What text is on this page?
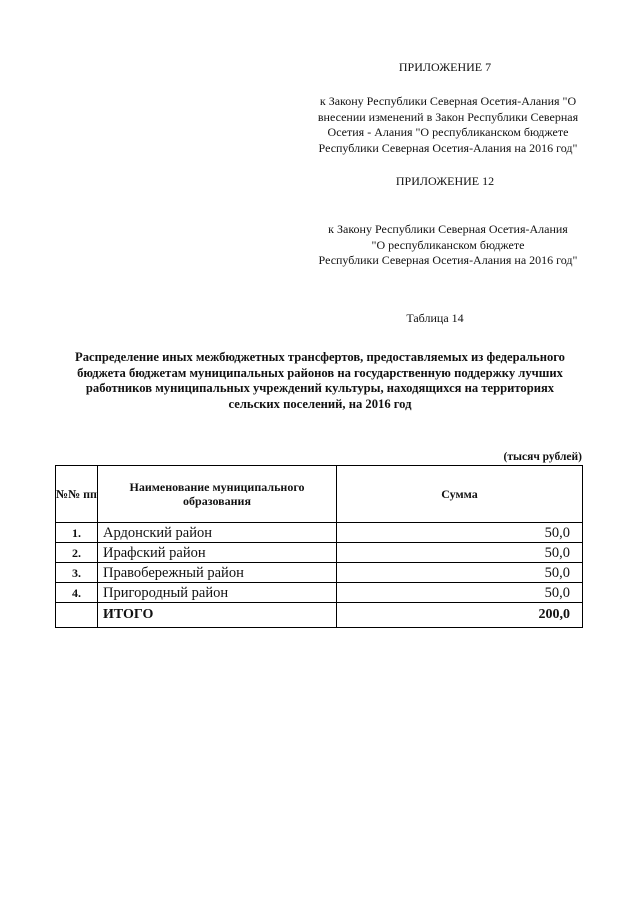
ПРИЛОЖЕНИЕ 7
к Закону Республики Северная Осетия-Алания "О
внесении изменений в Закон Республики Северная
Осетия - Алания "О республиканском бюджете
Республики Северная Осетия-Алания на 2016 год"
ПРИЛОЖЕНИЕ 12
к Закону Республики Северная Осетия-Алания
"О республиканском бюджете
Республики Северная Осетия-Алания на 2016 год"
Таблица 14
Распределение иных межбюджетных трансфертов, предоставляемых из федерального
бюджета бюджетам муниципальных районов на государственную поддержку лучших
работников муниципальных учреждений культуры, находящихся на территориях
сельских поселений, на 2016 год
(тысяч рублей)
№№ пп	Наименование муниципального образования	Сумма
1.	Ардонский район	50,0
2.	Ирафский район	50,0
3.	Правобережный район	50,0
4.	Пригородный район	50,0
	ИТОГО	200,0
